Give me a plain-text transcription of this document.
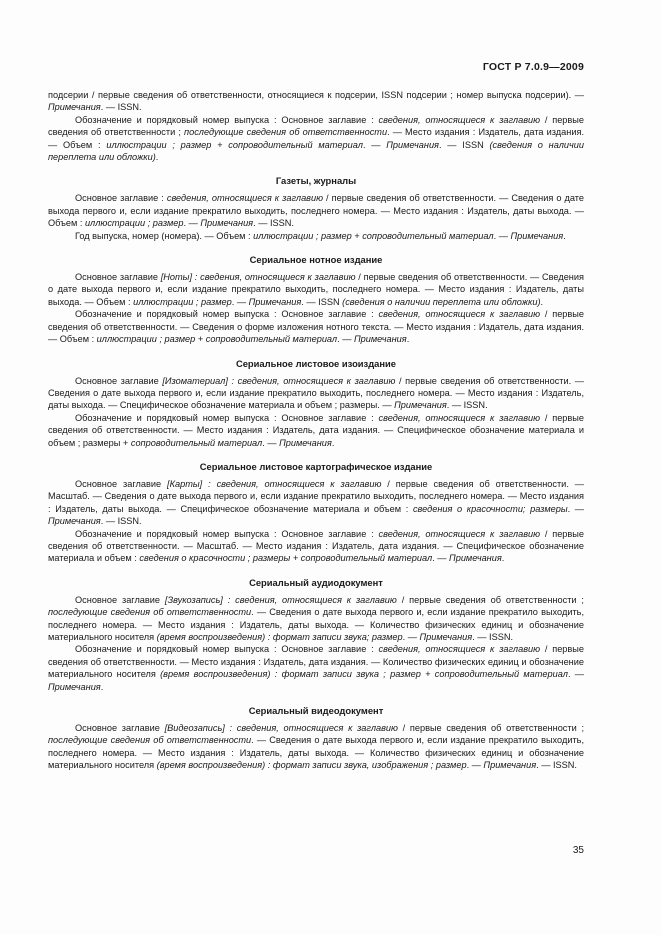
ГОСТ Р 7.0.9—2009

подсерии / первые сведения об ответственности, относящиеся к подсерии, ISSN подсерии ; номер выпуска подсерии). — Примечания. — ISSN.

Обозначение и порядковый номер выпуска : Основное заглавие : сведения, относящиеся к заглавию / первые сведения об ответственности ; последующие сведения об ответственности. — Место издания : Издатель, дата издания. — Объем : иллюстрации ; размер + сопроводительный материал. — Примечания. — ISSN (сведения о наличии переплета или обложки).

Газеты, журналы

Основное заглавие : сведения, относящиеся к заглавию / первые сведения об ответственности. — Сведения о дате выхода первого и, если издание прекратило выходить, последнего номера. — Место издания : Издатель, даты выхода. — Объем : иллюстрации ; размер. — Примечания. — ISSN.

Год выпуска, номер (номера). — Объем : иллюстрации ; размер + сопроводительный материал. — Примечания.

Сериальное нотное издание

Основное заглавие [Ноты] : сведения, относящиеся к заглавию / первые сведения об ответственности. — Сведения о дате выхода первого и, если издание прекратило выходить, последнего номера. — Место издания : Издатель, даты выхода. — Объем : иллюстрации ; размер. — Примечания. — ISSN (сведения о наличии переплета или обложки).

Обозначение и порядковый номер выпуска : Основное заглавие : сведения, относящиеся к заглавию / первые сведения об ответственности. — Сведения о форме изложения нотного текста. — Место издания : Издатель, дата издания. — Объем : иллюстрации ; размер + сопроводительный материал. — Примечания.

Сериальное листовое изоиздание

Основное заглавие [Изоматериал] : сведения, относящиеся к заглавию / первые сведения об ответственности. — Сведения о дате выхода первого и, если издание прекратило выходить, последнего номера. — Место издания : Издатель, даты выхода. — Специфическое обозначение материала и объем ; размеры. — Примечания. — ISSN.

Обозначение и порядковый номер выпуска : Основное заглавие : сведения, относящиеся к заглавию / первые сведения об ответственности. — Место издания : Издатель, дата издания. — Специфическое обозначение материала и объем ; размеры + сопроводительный материал. — Примечания.

Сериальное листовое картографическое издание

Основное заглавие [Карты] : сведения, относящиеся к заглавию / первые сведения об ответственности. — Масштаб. — Сведения о дате выхода первого и, если издание прекратило выходить, последнего номера. — Место издания : Издатель, даты выхода. — Специфическое обозначение материала и объем : сведения о красочности; размеры. — Примечания. — ISSN.

Обозначение и порядковый номер выпуска : Основное заглавие : сведения, относящиеся к заглавию / первые сведения об ответственности. — Масштаб. — Место издания : Издатель, дата издания. — Специфическое обозначение материала и объем : сведения о красочности ; размеры + сопроводительный материал. — Примечания.

Сериальный аудиодокумент

Основное заглавие [Звукозапись] : сведения, относящиеся к заглавию / первые сведения об ответственности ; последующие сведения об ответственности. — Сведения о дате выхода первого и, если издание прекратило выходить, последнего номера. — Место издания : Издатель, даты выхода. — Количество физических единиц и обозначение материального носителя (время воспроизведения) : формат записи звука; размер. — Примечания. — ISSN.

Обозначение и порядковый номер выпуска : Основное заглавие : сведения, относящиеся к заглавию / первые сведения об ответственности. — Место издания : Издатель, дата издания. — Количество физических единиц и обозначение материального носителя (время воспроизведения) : формат записи звука ; размер + сопроводительный материал. — Примечания.

Сериальный видеодокумент

Основное заглавие [Видеозапись] : сведения, относящиеся к заглавию / первые сведения об ответственности ; последующие сведения об ответственности. — Сведения о дате выхода первого и, если издание прекратило выходить, последнего номера. — Место издания : Издатель, даты выхода. — Количество физических единиц и обозначение материального носителя (время воспроизведения) : формат записи звука, изображения ; размер. — Примечания. — ISSN.

35
